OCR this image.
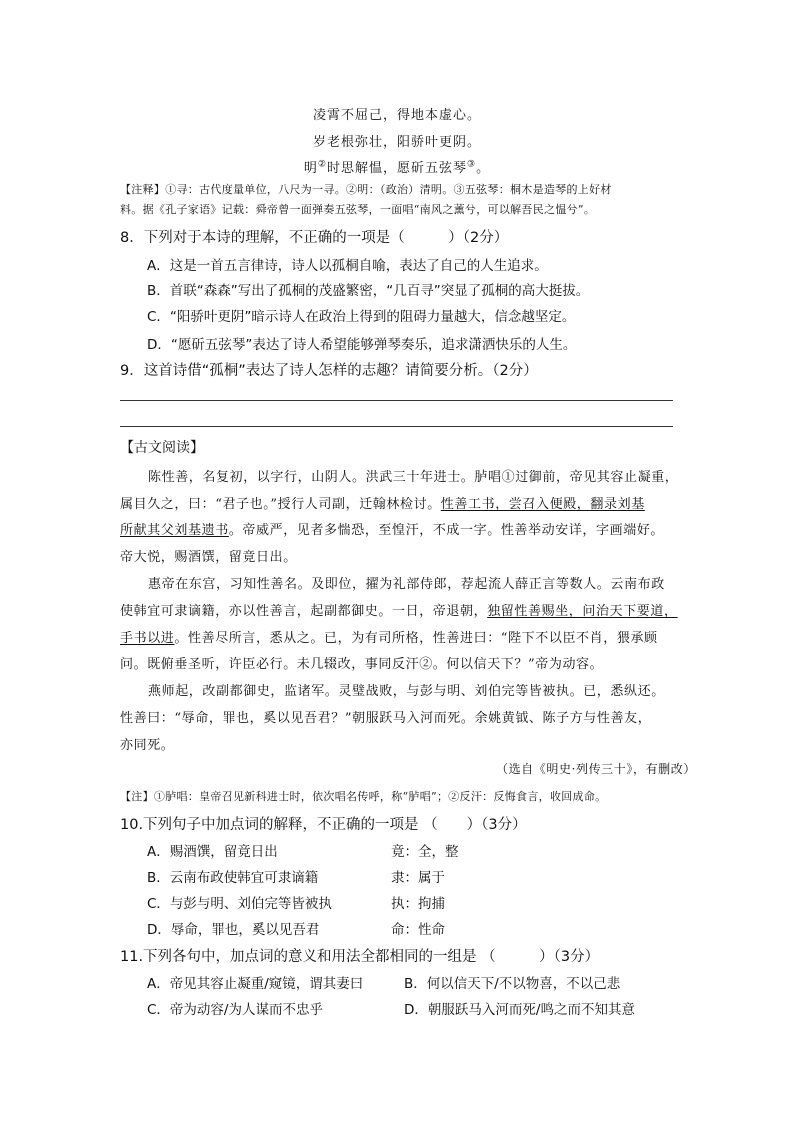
凌霄不屈己，得地本虚心。
岁老根弥壮，阳骄叶更阴。
明②时思解愠，愿斫五弦琴③。
【注释】①寻：古代度量单位，八尺为一寻。②明：（政治）清明。③五弦琴：桐木是造琴的上好材
料。据《孔子家语》记载：舜帝曾一面弹奏五弦琴，一面唱“南风之薰兮，可以解吾民之愠兮”。
8．下列对于本诗的理解，不正确的一项是（　　　）（2分）
A．这是一首五言律诗，诗人以孤桐自喻，表达了自己的人生追求。
B．首联“森森”写出了孤桐的茂盛繁密，“几百寻”突显了孤桐的高大挺拔。
C．“阳骄叶更阴”暗示诗人在政治上得到的阻碍力量越大，信念越坚定。
D．“愿斫五弦琴”表达了诗人希望能够弹琴奏乐，追求潇洒快乐的人生。
9．这首诗借“孤桐”表达了诗人怎样的志趣？请简要分析。（2分）
【古文阅读】
陈性善，名复初，以字行，山阴人。洪武三十年进士。胪唱①过御前，帝见其容止凝重，
属目久之，曰：“君子也。”授行人司副，迁翰林检讨。性善工书，尝召入便殿，翻录刘基
所献其父刘基遗书。帝威严，见者多惴恐，至惶汗，不成一字。性善举动安详，字画端好。
帝大悦，赐酒馔，留竟日出。
惠帝在东宫，习知性善名。及即位，擢为礼部侍郎，荐起流人薛正言等数人。云南布政
使韩宜可隶谪籍，亦以性善言，起副都御史。一日，帝退朝，独留性善赐坐，问治天下要道，
手书以进。性善尽所言，悉从之。已，为有司所格，性善进曰：“陛下不以臣不肖，猥承顾
问。既俯垂圣听，许臣必行。未几辍改，事同反汗②。何以信天下？”帝为动容。
燕师起，改副都御史，监诸军。灵璧战败，与彭与明、刘伯完等皆被执。已，悉纵还。
性善曰：“辱命，罪也，奚以见吾君？”朝服跃马入河而死。余姚黄钺、陈子方与性善友，
亦同死。
（选自《明史·列传三十》，有删改）
【注】①胪唱：皇帝召见新科进士时，依次唱名传呼，称“胪唱”；②反汗：反悔食言，收回成命。
10.下列句子中加点词的解释，不正确的一项是 （　　）（3分）
A．赐酒馔，留竟日出	竟：全，整
B．云南布政使韩宜可隶谪籍	隶：属于
C．与彭与明、刘伯完等皆被执	执：拘捕
D．辱命，罪也，奚以见吾君	命：性命
11.下列各句中，加点词的意义和用法全都相同的一组是 （　　　）（3分）
A．帝见其容止凝重/窥镜，谓其妻曰	B．何以信天下/不以物喜，不以己悲
C．帝为动容/为人谋而不忠乎	D．朝服跃马入河而死/鸣之而不知其意
